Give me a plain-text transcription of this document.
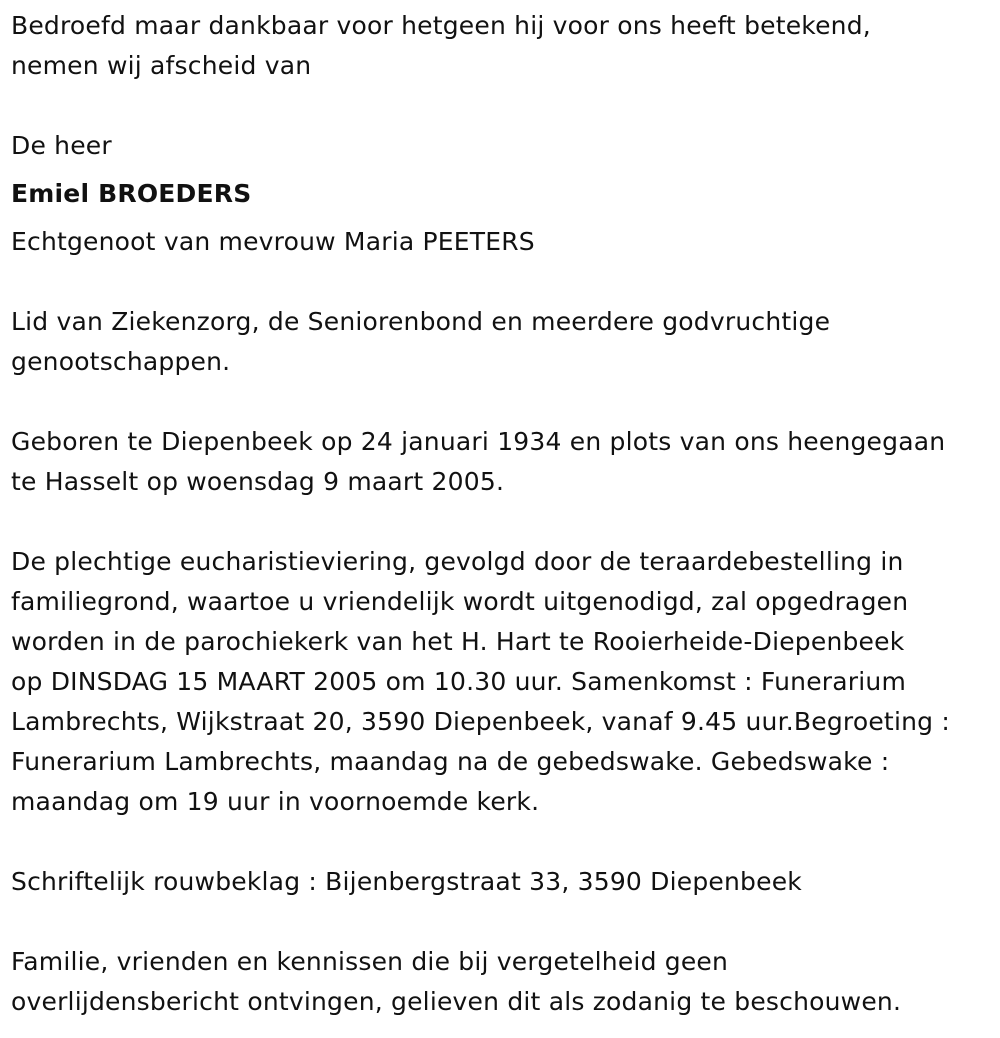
Bedroefd maar dankbaar voor hetgeen hij voor ons heeft betekend,
nemen wij afscheid van
De heer
Emiel BROEDERS
Echtgenoot van mevrouw Maria PEETERS
Lid van Ziekenzorg, de Seniorenbond en meerdere godvruchtige
genootschappen.
Geboren te Diepenbeek op 24 januari 1934 en plots van ons heengegaan
te Hasselt op woensdag 9 maart 2005.
De plechtige eucharistieviering, gevolgd door de teraardebestelling in
familiegrond, waartoe u vriendelijk wordt uitgenodigd, zal opgedragen
worden in de parochiekerk van het H. Hart te Rooierheide-Diepenbeek
op DINSDAG 15 MAART 2005 om 10.30 uur. Samenkomst : Funerarium
Lambrechts, Wijkstraat 20, 3590 Diepenbeek, vanaf 9.45 uur.Begroeting :
Funerarium Lambrechts, maandag na de gebedswake. Gebedswake :
maandag om 19 uur in voornoemde kerk.
Schriftelijk rouwbeklag : Bijenbergstraat 33, 3590 Diepenbeek
Familie, vrienden en kennissen die bij vergetelheid geen
overlijdensbericht ontvingen, gelieven dit als zodanig te beschouwen.
